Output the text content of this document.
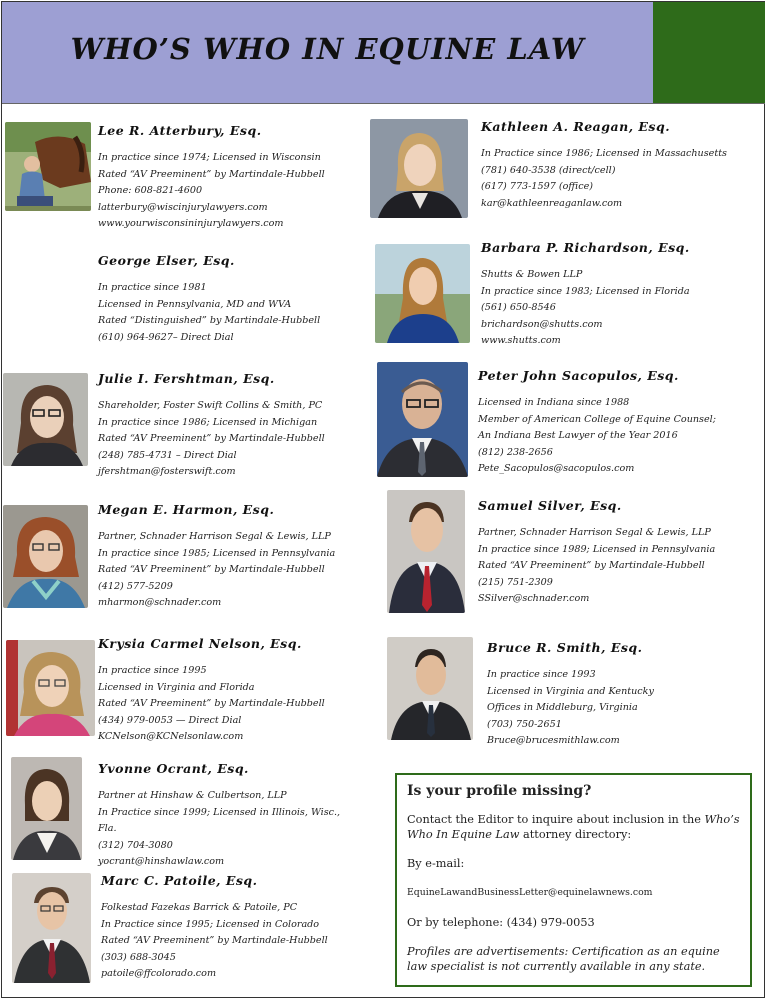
WHO’S WHO IN EQUINE LAW
Lee R. Atterbury, Esq.
In practice since 1974; Licensed in Wisconsin
Rated “AV Preeminent” by Martindale-Hubbell
Phone: 608-821-4600
latterbury@wiscinjurylawyers.com
www.yourwisconsininjurylawyers.com
George Elser, Esq.
In practice since 1981
Licensed in Pennsylvania, MD and WVA
Rated “Distinguished” by Martindale-Hubbell
(610) 964-9627– Direct Dial
Julie I. Fershtman, Esq.
Shareholder, Foster Swift Collins & Smith, PC
In practice since 1986; Licensed in Michigan
Rated “AV Preeminent” by Martindale-Hubbell
(248) 785-4731 – Direct Dial
jfershtman@fosterswift.com
Megan E. Harmon, Esq.
Partner, Schnader Harrison Segal & Lewis, LLP
In practice since 1985; Licensed in Pennsylvania
Rated “AV Preeminent” by Martindale-Hubbell
(412) 577-5209
mharmon@schnader.com
Krysia Carmel Nelson, Esq.
In practice since 1995
Licensed in Virginia and Florida
Rated “AV Preeminent” by Martindale-Hubbell
(434) 979-0053 — Direct Dial
KCNelson@KCNelsonlaw.com
Yvonne Ocrant, Esq.
Partner at Hinshaw & Culbertson, LLP
In Practice since 1999; Licensed in Illinois, Wisc.,
Fla.
(312) 704-3080
yocrant@hinshawlaw.com
Marc C. Patoile, Esq.
Folkestad Fazekas Barrick & Patoile, PC
In Practice since 1995; Licensed in Colorado
Rated “AV Preeminent” by Martindale-Hubbell
(303) 688-3045
patoile@ffcolorado.com
Kathleen A. Reagan, Esq.
In Practice since 1986; Licensed in Massachusetts
(781) 640-3538 (direct/cell)
(617) 773-1597 (office)
kar@kathleenreaganlaw.com
Barbara P. Richardson, Esq.
Shutts & Bowen LLP
In practice since 1983; Licensed in Florida
(561) 650-8546
brichardson@shutts.com
www.shutts.com
Peter John Sacopulos, Esq.
Licensed in Indiana since 1988
Member of American College of Equine Counsel;
An Indiana Best Lawyer of the Year 2016
(812) 238-2656
Pete_Sacopulos@sacopulos.com
Samuel Silver, Esq.
Partner, Schnader Harrison Segal & Lewis, LLP
In practice since 1989; Licensed in Pennsylvania
Rated “AV Preeminent” by Martindale-Hubbell
(215) 751-2309
SSilver@schnader.com
Bruce R. Smith, Esq.
In practice since 1993
Licensed in Virginia and Kentucky
Offices in Middleburg, Virginia
(703) 750-2651
Bruce@brucesmithlaw.com
Is your profile missing?

Contact the Editor to inquire about inclusion in the Who’s Who In Equine Law attorney directory:

By e-mail:

EquineLawandBusinessLetter@equinelawnews.com

Or by telephone: (434) 979-0053

Profiles are advertisements: Certification as an equine law specialist is not currently available in any state.
